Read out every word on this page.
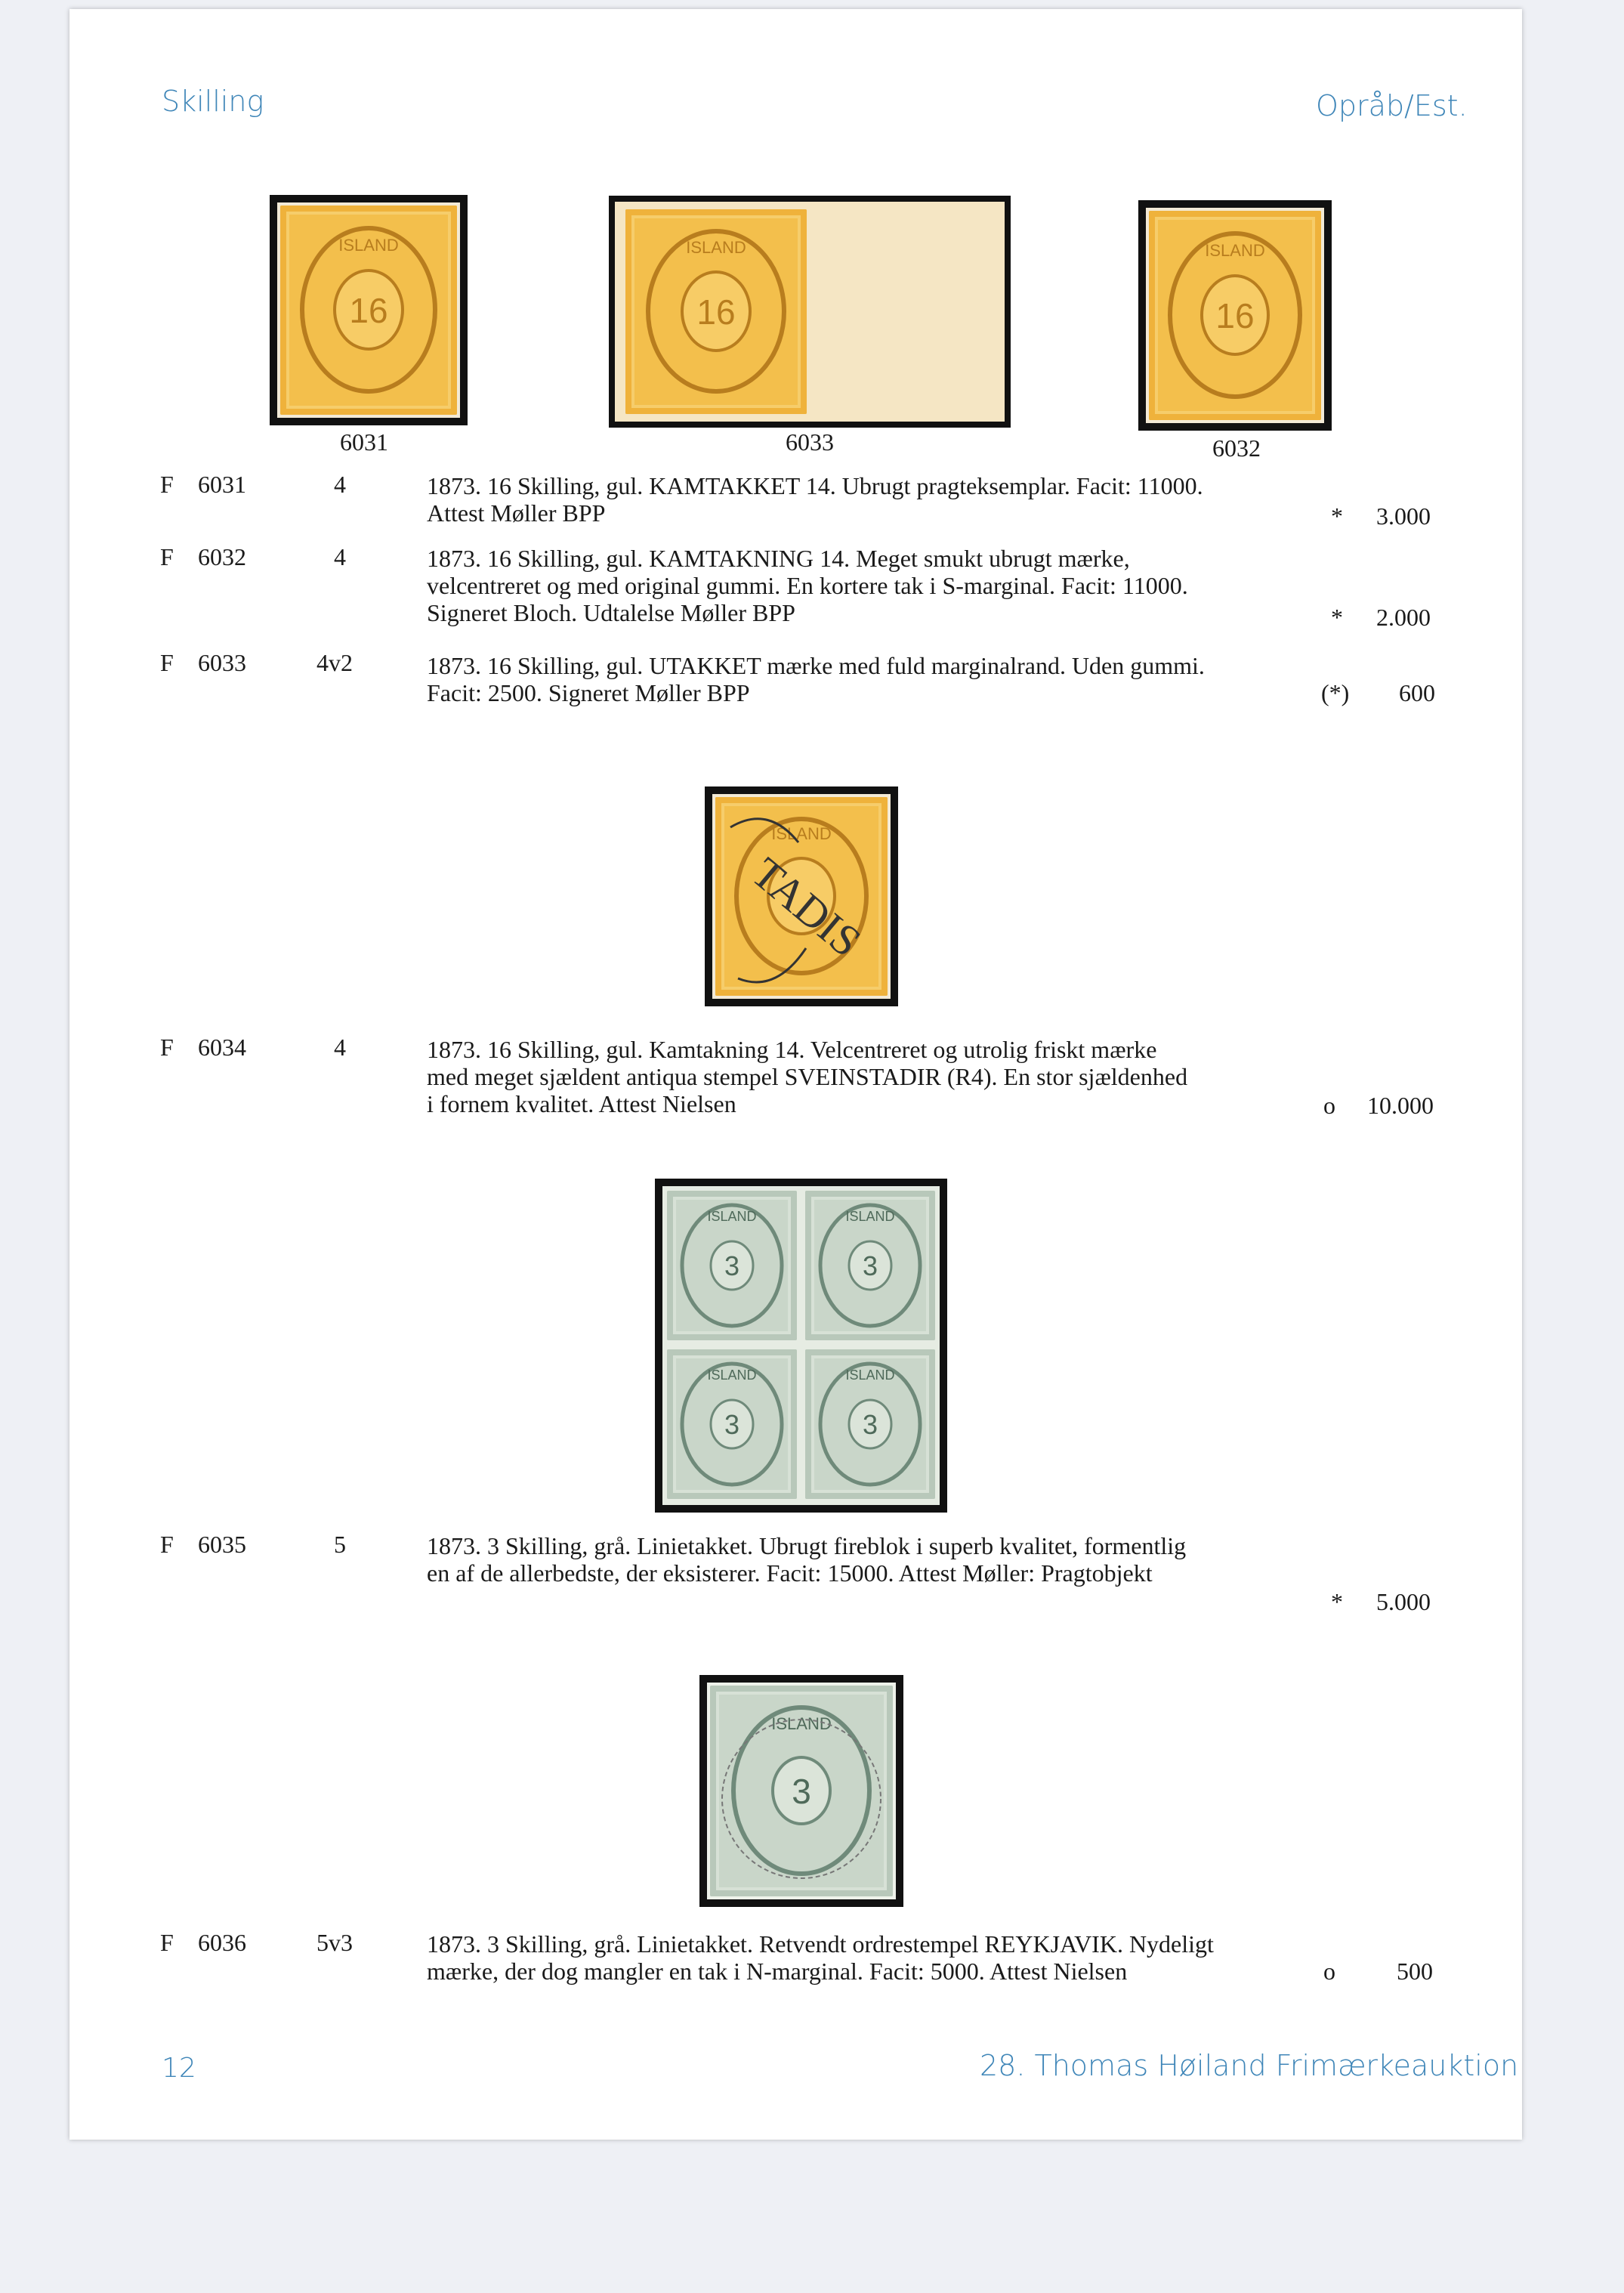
Skilling	Opråb/Est.
16
ISLAND
16
ISLAND
16
ISLAND
6031	6033	6032
F 6031	4	1873. 16 Skilling, gul. KAMTAKKET 14. Ubrugt pragteksemplar. Facit: 11000.
Attest Møller BPP	* 3.000
F 6032	4	1873. 16 Skilling, gul. KAMTAKNING 14. Meget smukt ubrugt mærke,
velcentreret og med original gummi. En kortere tak i S-marginal. Facit: 11000.
Signeret Bloch. Udtalelse Møller BPP	* 2.000
F 6033	4v2	1873. 16 Skilling, gul. UTAKKET mærke med fuld marginalrand. Uden gummi.
Facit: 2500. Signeret Møller BPP	(*) 600
ISLAND
TADIS
F 6034	4	1873. 16 Skilling, gul. Kamtakning 14. Velcentreret og utrolig friskt mærke
med meget sjældent antiqua stempel SVEINSTADIR (R4). En stor sjældenhed
i fornem kvalitet. Attest Nielsen	o 10.000
3
ISLAND
3
ISLAND
3
ISLAND
3
ISLAND
F 6035	5	1873. 3 Skilling, grå. Linietakket. Ubrugt fireblok i superb kvalitet, formentlig
en af de allerbedste, der eksisterer. Facit: 15000. Attest Møller: Pragtobjekt
* 5.000
3
ISLAND
F 6036	5v3	1873. 3 Skilling, grå. Linietakket. Retvendt ordrestempel REYKJAVIK. Nydeligt
mærke, der dog mangler en tak i N-marginal. Facit: 5000. Attest Nielsen	o	500
12	28. Thomas Høiland Frimærkeauktion
